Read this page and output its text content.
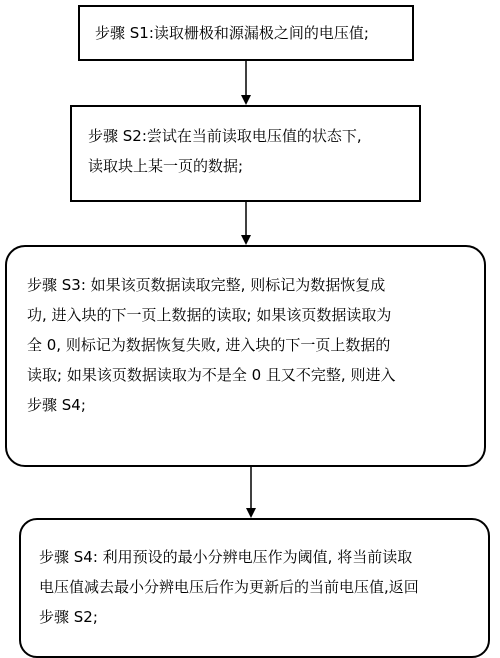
步骤 S1:读取栅极和源漏极之间的电压值;
步骤 S2:尝试在当前读取电压值的状态下,
读取块上某一页的数据;
步骤 S3: 如果该页数据读取完整, 则标记为数据恢复成
功, 进入块的下一页上数据的读取; 如果该页数据读取为
全 0, 则标记为数据恢复失败, 进入块的下一页上数据的
读取; 如果该页数据读取为不是全 0 且又不完整, 则进入
步骤 S4;
步骤 S4: 利用预设的最小分辨电压作为阈值, 将当前读取
电压值减去最小分辨电压后作为更新后的当前电压值,返回
步骤 S2;
